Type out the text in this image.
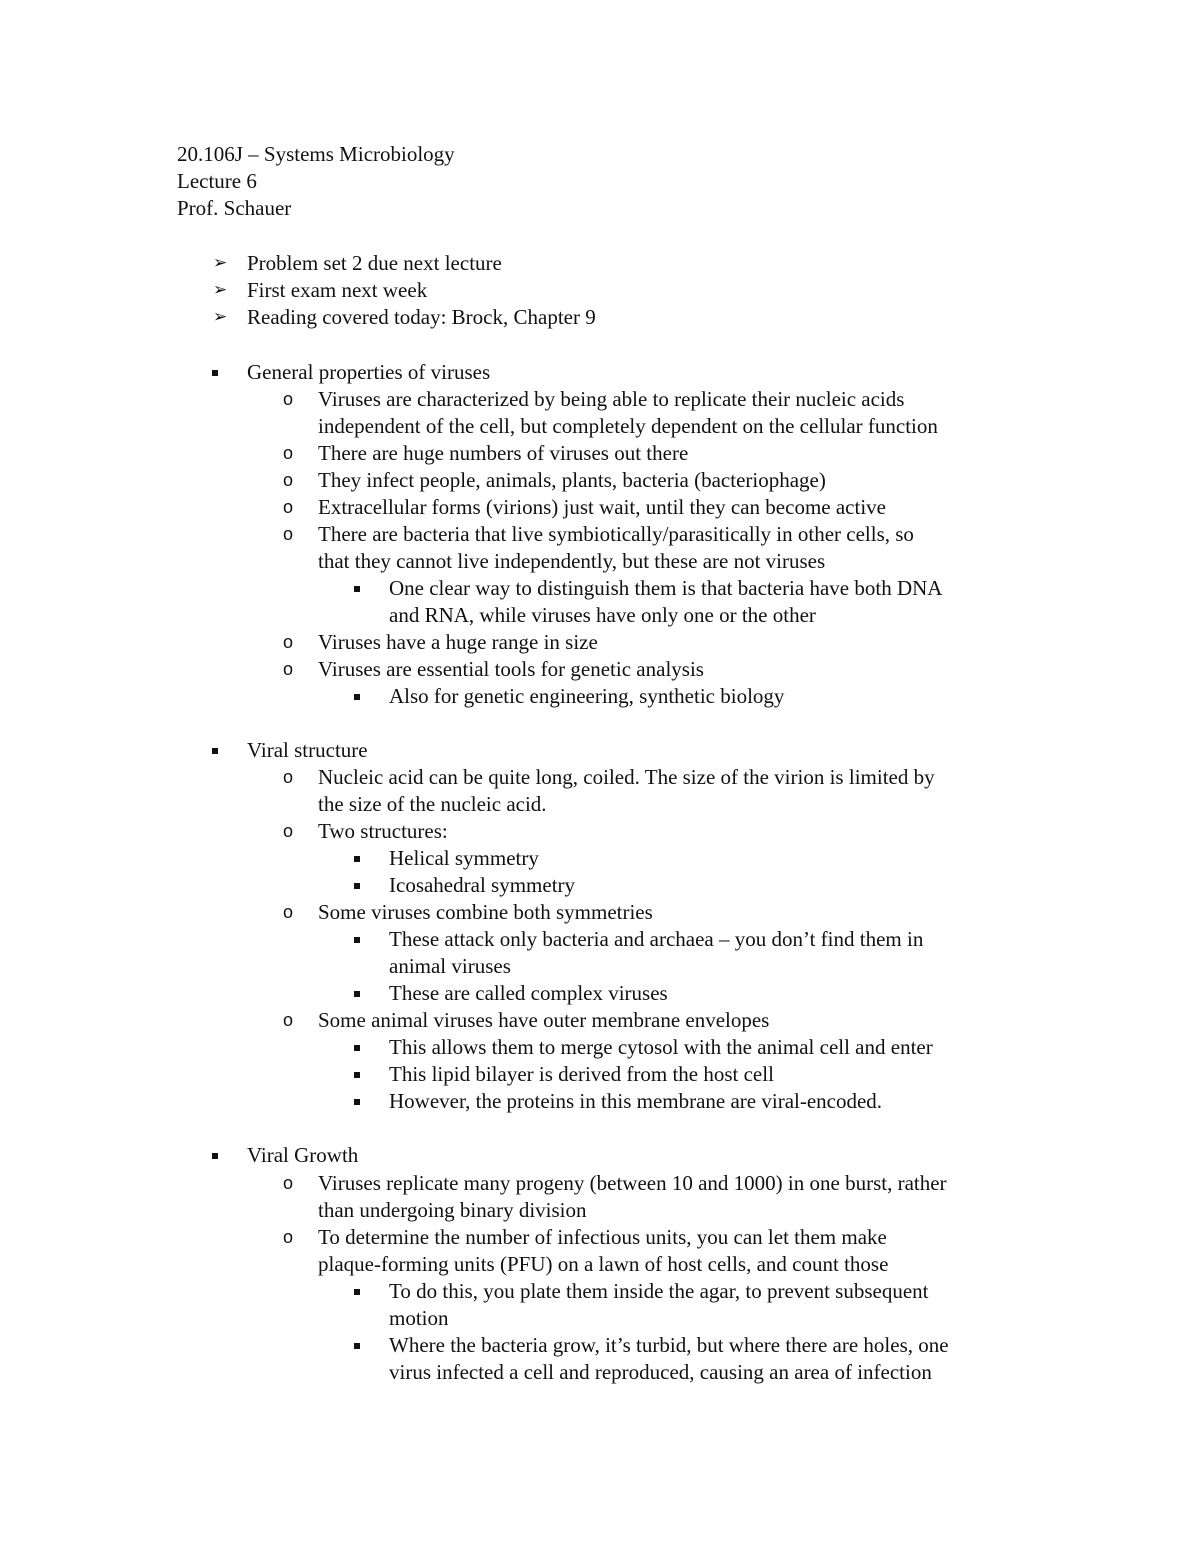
20.106J – Systems Microbiology
Lecture 6
Prof. Schauer
➢ Problem set 2 due next lecture
➢ First exam next week
➢ Reading covered today: Brock, Chapter 9
General properties of viruses
o Viruses are characterized by being able to replicate their nucleic acids
independent of the cell, but completely dependent on the cellular function
o There are huge numbers of viruses out there
o They infect people, animals, plants, bacteria (bacteriophage)
o Extracellular forms (virions) just wait, until they can become active
o There are bacteria that live symbiotically/parasitically in other cells, so
that they cannot live independently, but these are not viruses
One clear way to distinguish them is that bacteria have both DNA
and RNA, while viruses have only one or the other
o Viruses have a huge range in size
o Viruses are essential tools for genetic analysis
Also for genetic engineering, synthetic biology
Viral structure
o Nucleic acid can be quite long, coiled. The size of the virion is limited by
the size of the nucleic acid.
o Two structures:
Helical symmetry
Icosahedral symmetry
o Some viruses combine both symmetries
These attack only bacteria and archaea – you don’t find them in
animal viruses
These are called complex viruses
o Some animal viruses have outer membrane envelopes
This allows them to merge cytosol with the animal cell and enter
This lipid bilayer is derived from the host cell
However, the proteins in this membrane are viral-encoded.
Viral Growth
o Viruses replicate many progeny (between 10 and 1000) in one burst, rather
than undergoing binary division
o To determine the number of infectious units, you can let them make
plaque-forming units (PFU) on a lawn of host cells, and count those
To do this, you plate them inside the agar, to prevent subsequent
motion
Where the bacteria grow, it’s turbid, but where there are holes, one
virus infected a cell and reproduced, causing an area of infection
